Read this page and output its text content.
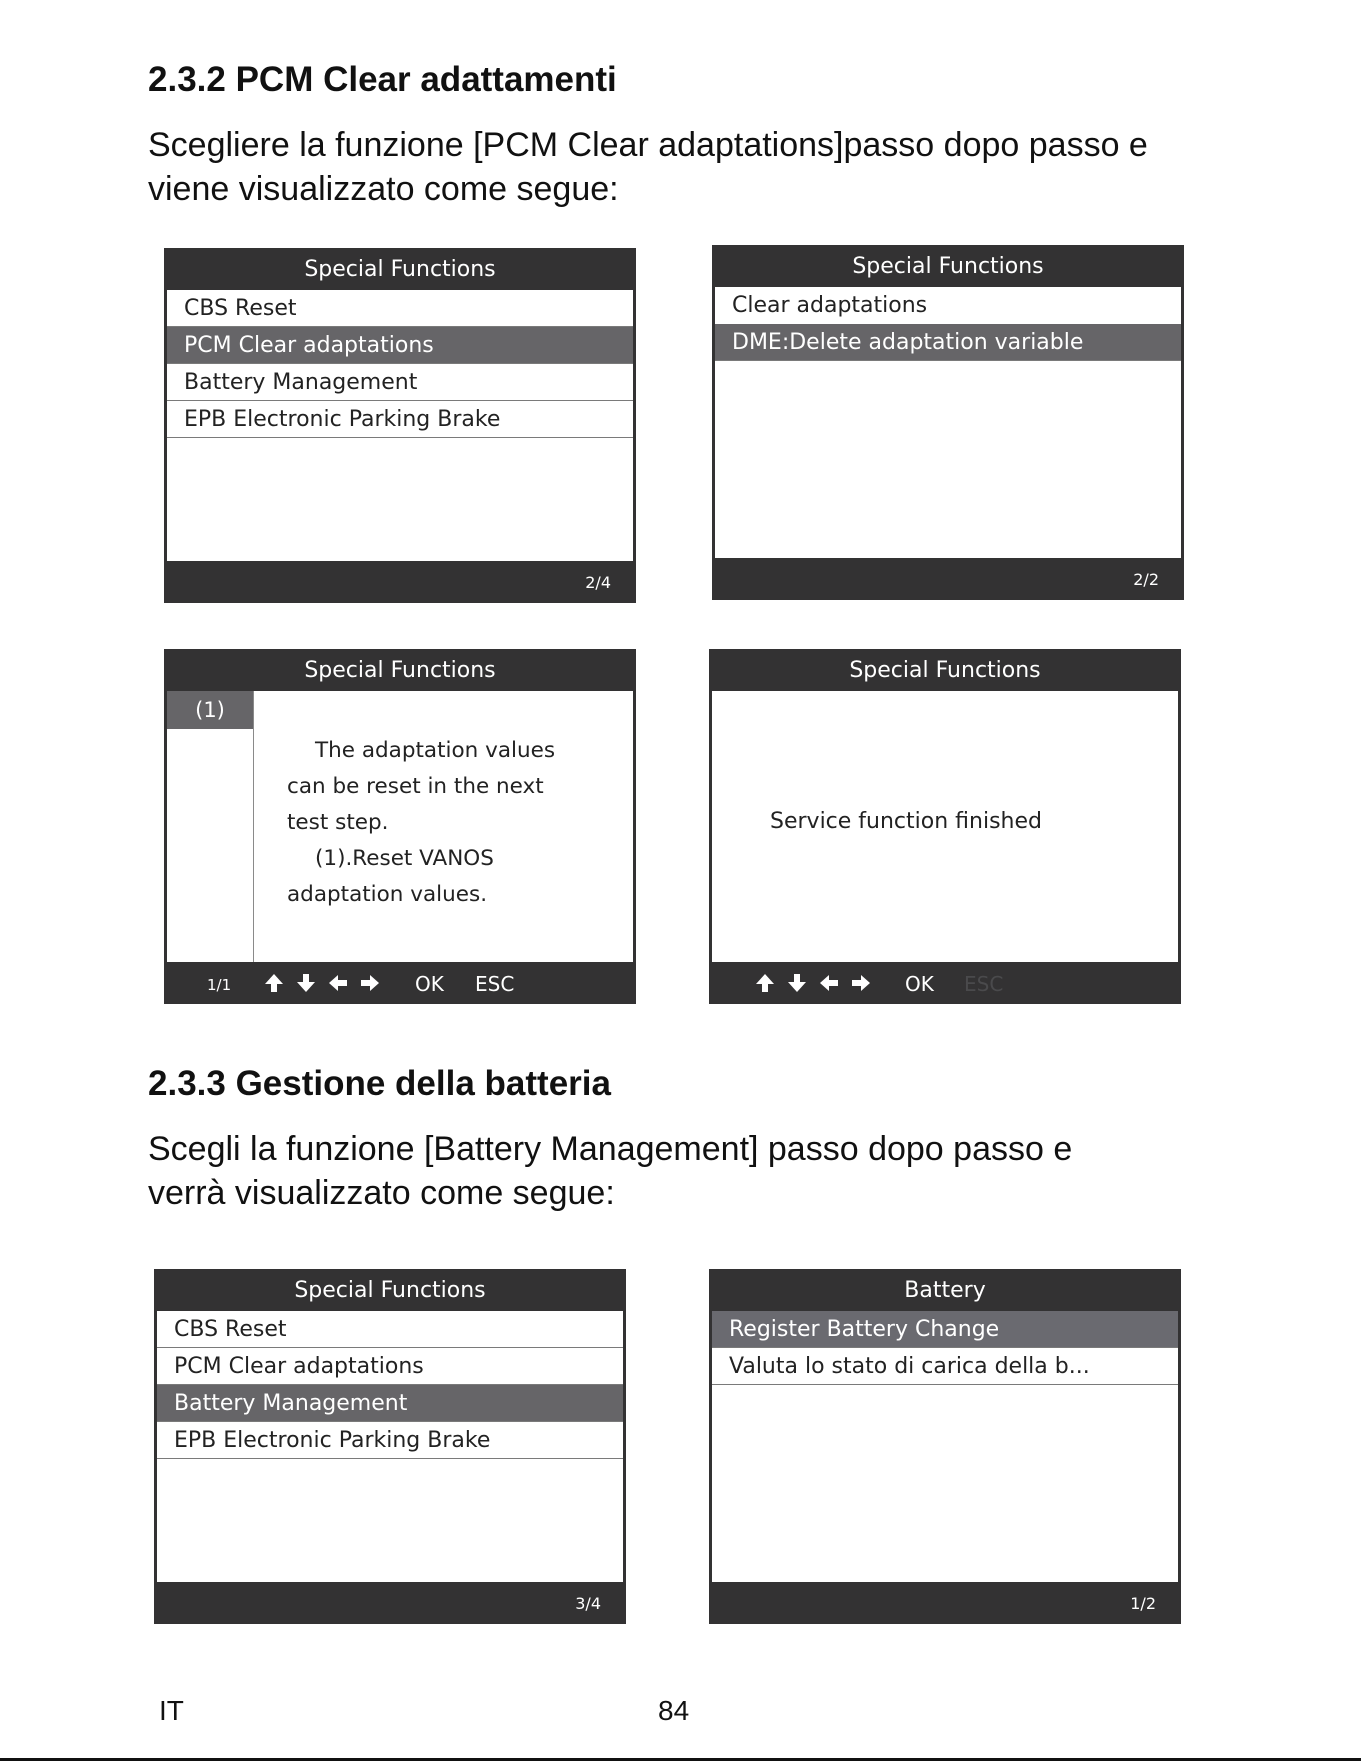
2.3.2 PCM Clear adattamenti

Scegliere la funzione [PCM Clear adaptations]passo dopo passo e
viene visualizzato come segue:

Special Functions
CBS Reset
PCM Clear adaptations
Battery Management
EPB Electronic Parking Brake
2/4
Special Functions
Clear adaptations
DME:Delete adaptation variable
2/2
Special Functions
(1)
The adaptation values
can be reset in the next
test step.
(1).Reset VANOS
adaptation values.
1/1	OK ESC
Special Functions
Service function finished
OK ESC
2.3.3 Gestione della batteria

Scegli la funzione [Battery Management] passo dopo passo e
verrà visualizzato come segue:

Special Functions
CBS Reset
PCM Clear adaptations
Battery Management
EPB Electronic Parking Brake
3/4
Battery
Register Battery Change
Valuta lo stato di carica della b...
1/2
IT	84
